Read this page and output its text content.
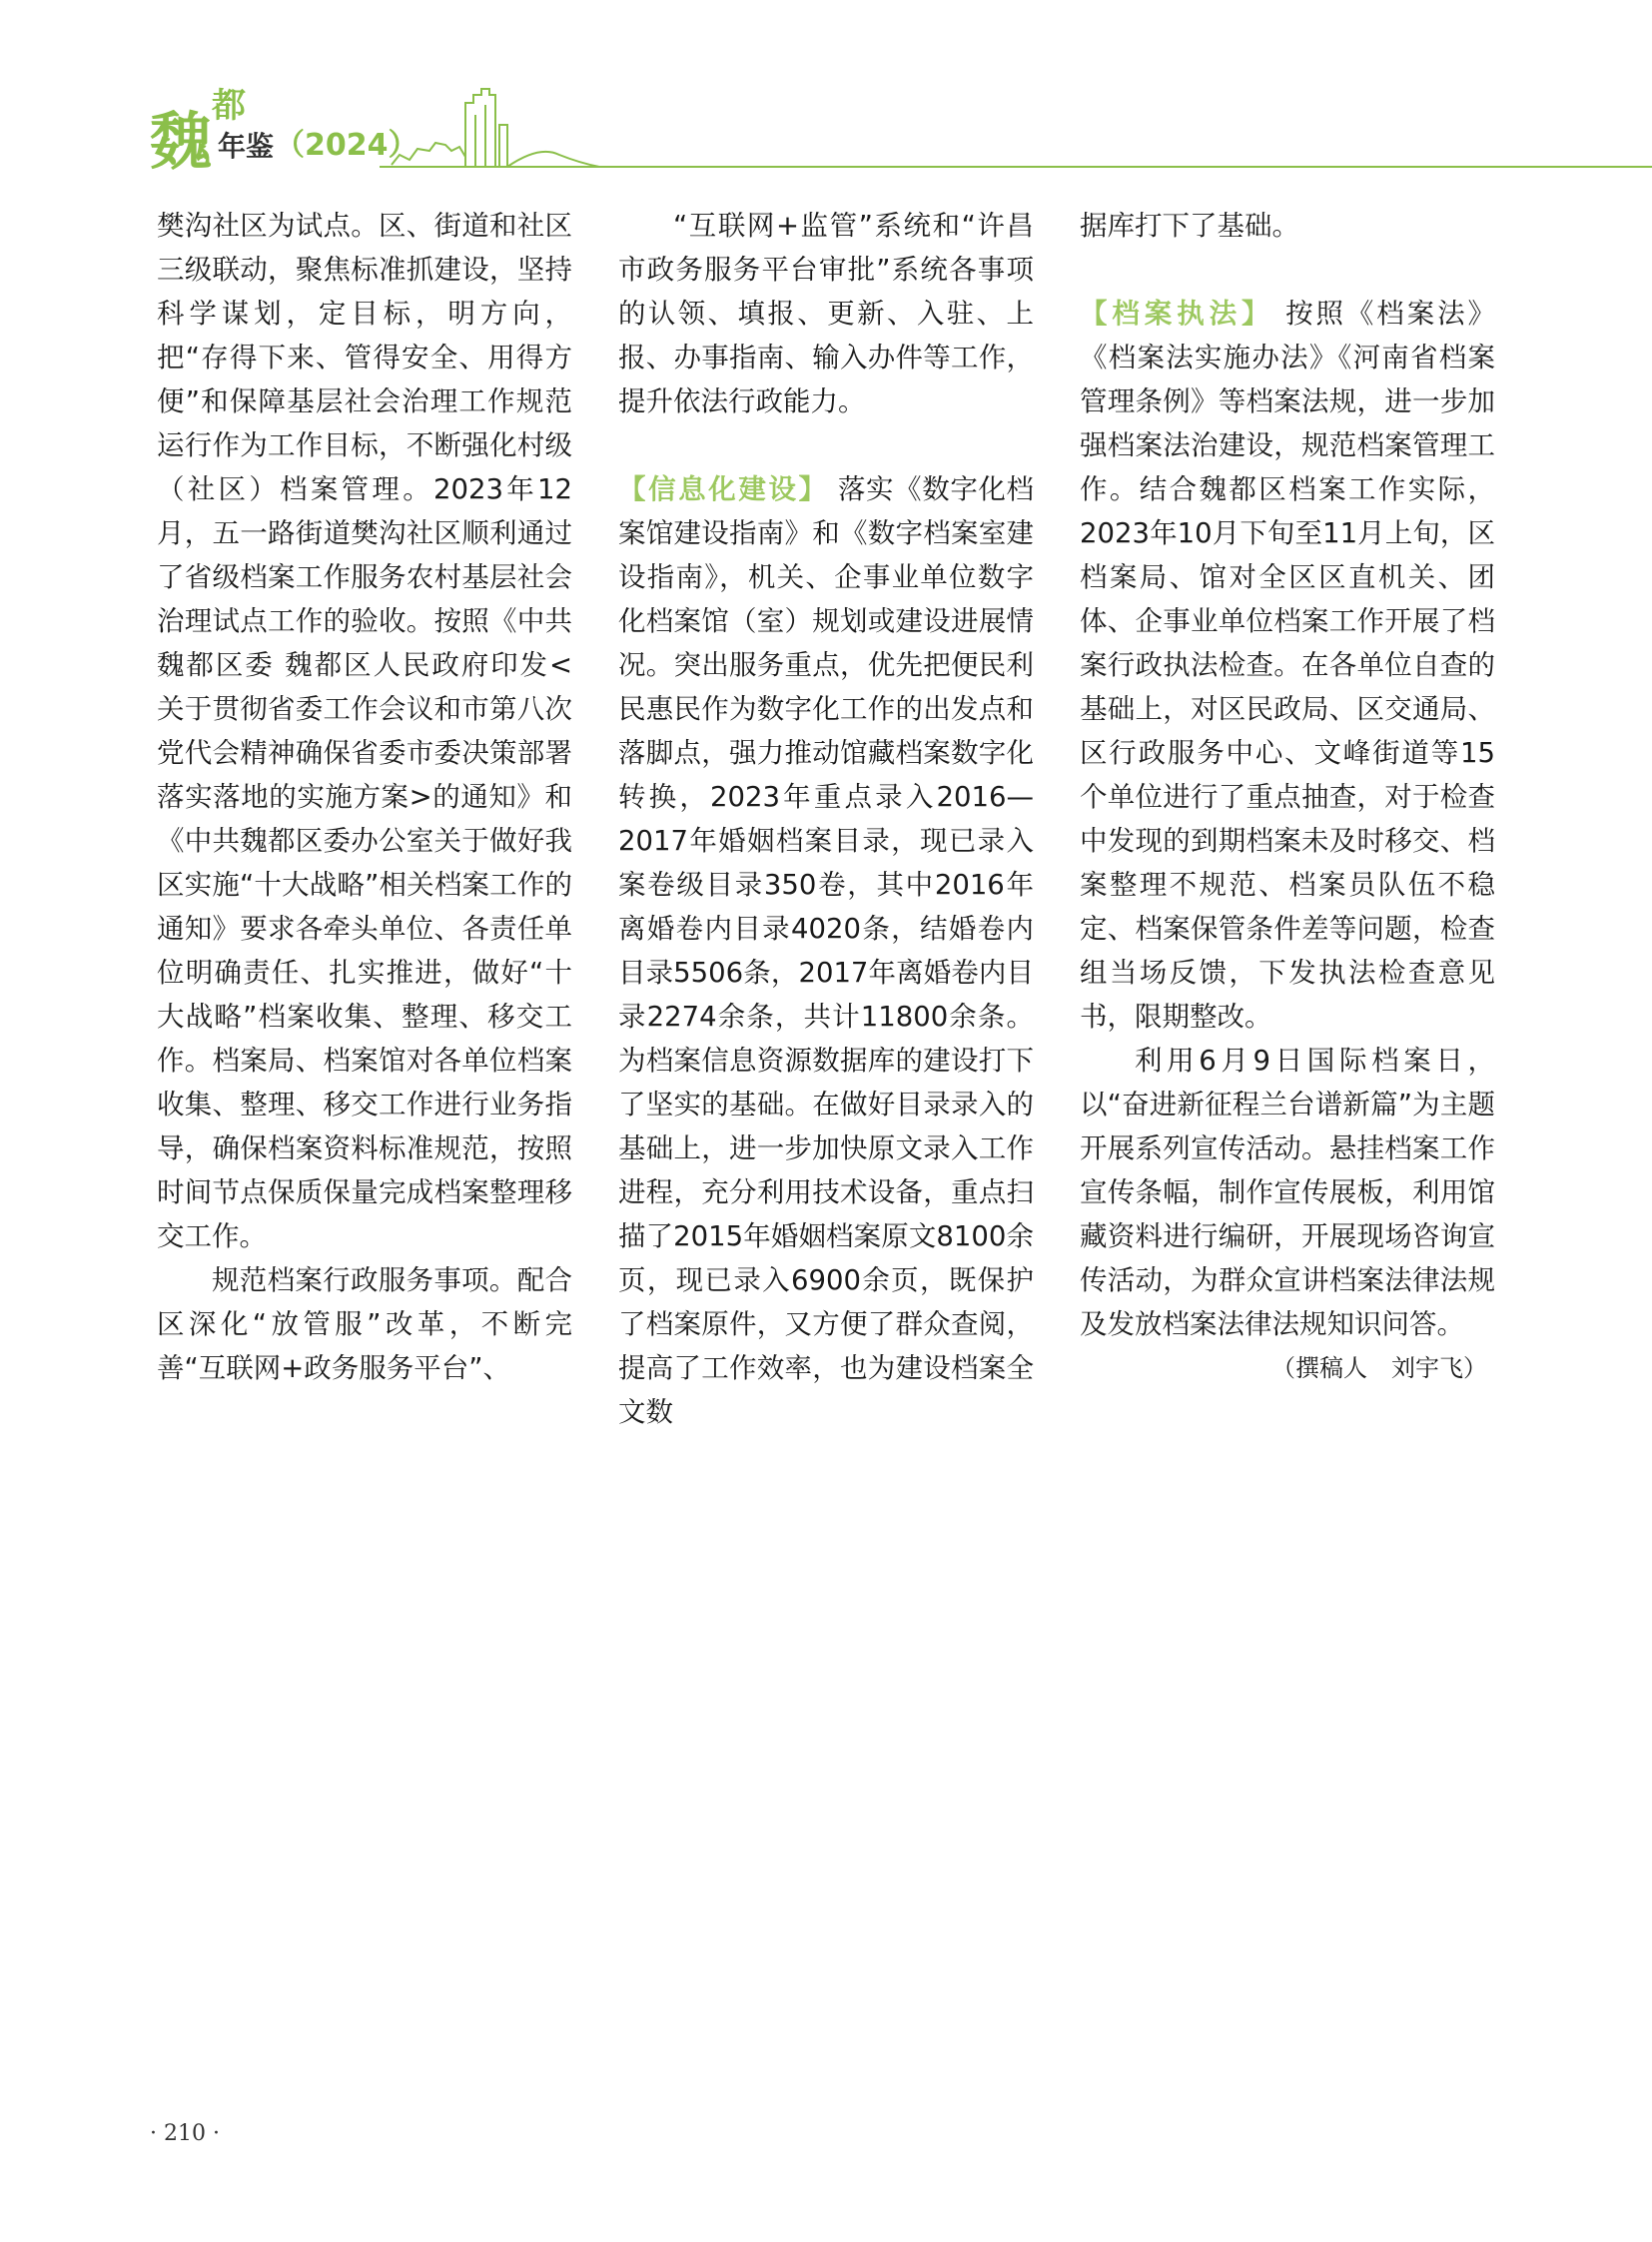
魏 都
年鉴 （2024）

樊沟社区为试点。区、街道和社区三级联动，聚焦标准抓建设，坚持科学谋划，定目标，明方向，把“存得下来、管得安全、用得方便”和保障基层社会治理工作规范运行作为工作目标，不断强化村级（社区）档案管理。2023年12月，五一路街道樊沟社区顺利通过了省级档案工作服务农村基层社会治理试点工作的验收。按照《中共魏都区委 魏都区人民政府印发<关于贯彻省委工作会议和市第八次党代会精神确保省委市委决策部署落实落地的实施方案>的通知》和《中共魏都区委办公室关于做好我区实施“十大战略”相关档案工作的通知》要求各牵头单位、各责任单位明确责任、扎实推进，做好“十大战略”档案收集、整理、移交工作。档案局、档案馆对各单位档案收集、整理、移交工作进行业务指导，确保档案资料标准规范，按照时间节点保质保量完成档案整理移交工作。

规范档案行政服务事项。配合区深化“放管服”改革，不断完善“互联网+政务服务平台”、

“互联网+监管”系统和“许昌市政务服务平台审批”系统各事项的认领、填报、更新、入驻、上报、办事指南、输入办件等工作，提升依法行政能力。

【信息化建设】 落实《数字化档案馆建设指南》和《数字档案室建设指南》，机关、企事业单位数字化档案馆（室）规划或建设进展情况。突出服务重点，优先把便民利民惠民作为数字化工作的出发点和落脚点，强力推动馆藏档案数字化转换，2023年重点录入2016—2017年婚姻档案目录，现已录入案卷级目录350卷，其中2016年离婚卷内目录4020条，结婚卷内目录5506条，2017年离婚卷内目录2274余条，共计11800余条。为档案信息资源数据库的建设打下了坚实的基础。在做好目录录入的基础上，进一步加快原文录入工作进程，充分利用技术设备，重点扫描了2015年婚姻档案原文8100余页，现已录入6900余页，既保护了档案原件，又方便了群众查阅，提高了工作效率，也为建设档案全文数

据库打下了基础。

【档案执法】 按照《档案法》《档案法实施办法》《河南省档案管理条例》等档案法规，进一步加强档案法治建设，规范档案管理工作。结合魏都区档案工作实际，2023年10月下旬至11月上旬，区档案局、馆对全区区直机关、团体、企事业单位档案工作开展了档案行政执法检查。在各单位自查的基础上，对区民政局、区交通局、区行政服务中心、文峰街道等15个单位进行了重点抽查，对于检查中发现的到期档案未及时移交、档案整理不规范、档案员队伍不稳定、档案保管条件差等问题，检查组当场反馈，下发执法检查意见书，限期整改。

利用6月9日国际档案日，以“奋进新征程兰台谱新篇”为主题开展系列宣传活动。悬挂档案工作宣传条幅，制作宣传展板，利用馆藏资料进行编研，开展现场咨询宣传活动，为群众宣讲档案法律法规及发放档案法律法规知识问答。

（撰稿人　刘宇飞）

· 210 ·
